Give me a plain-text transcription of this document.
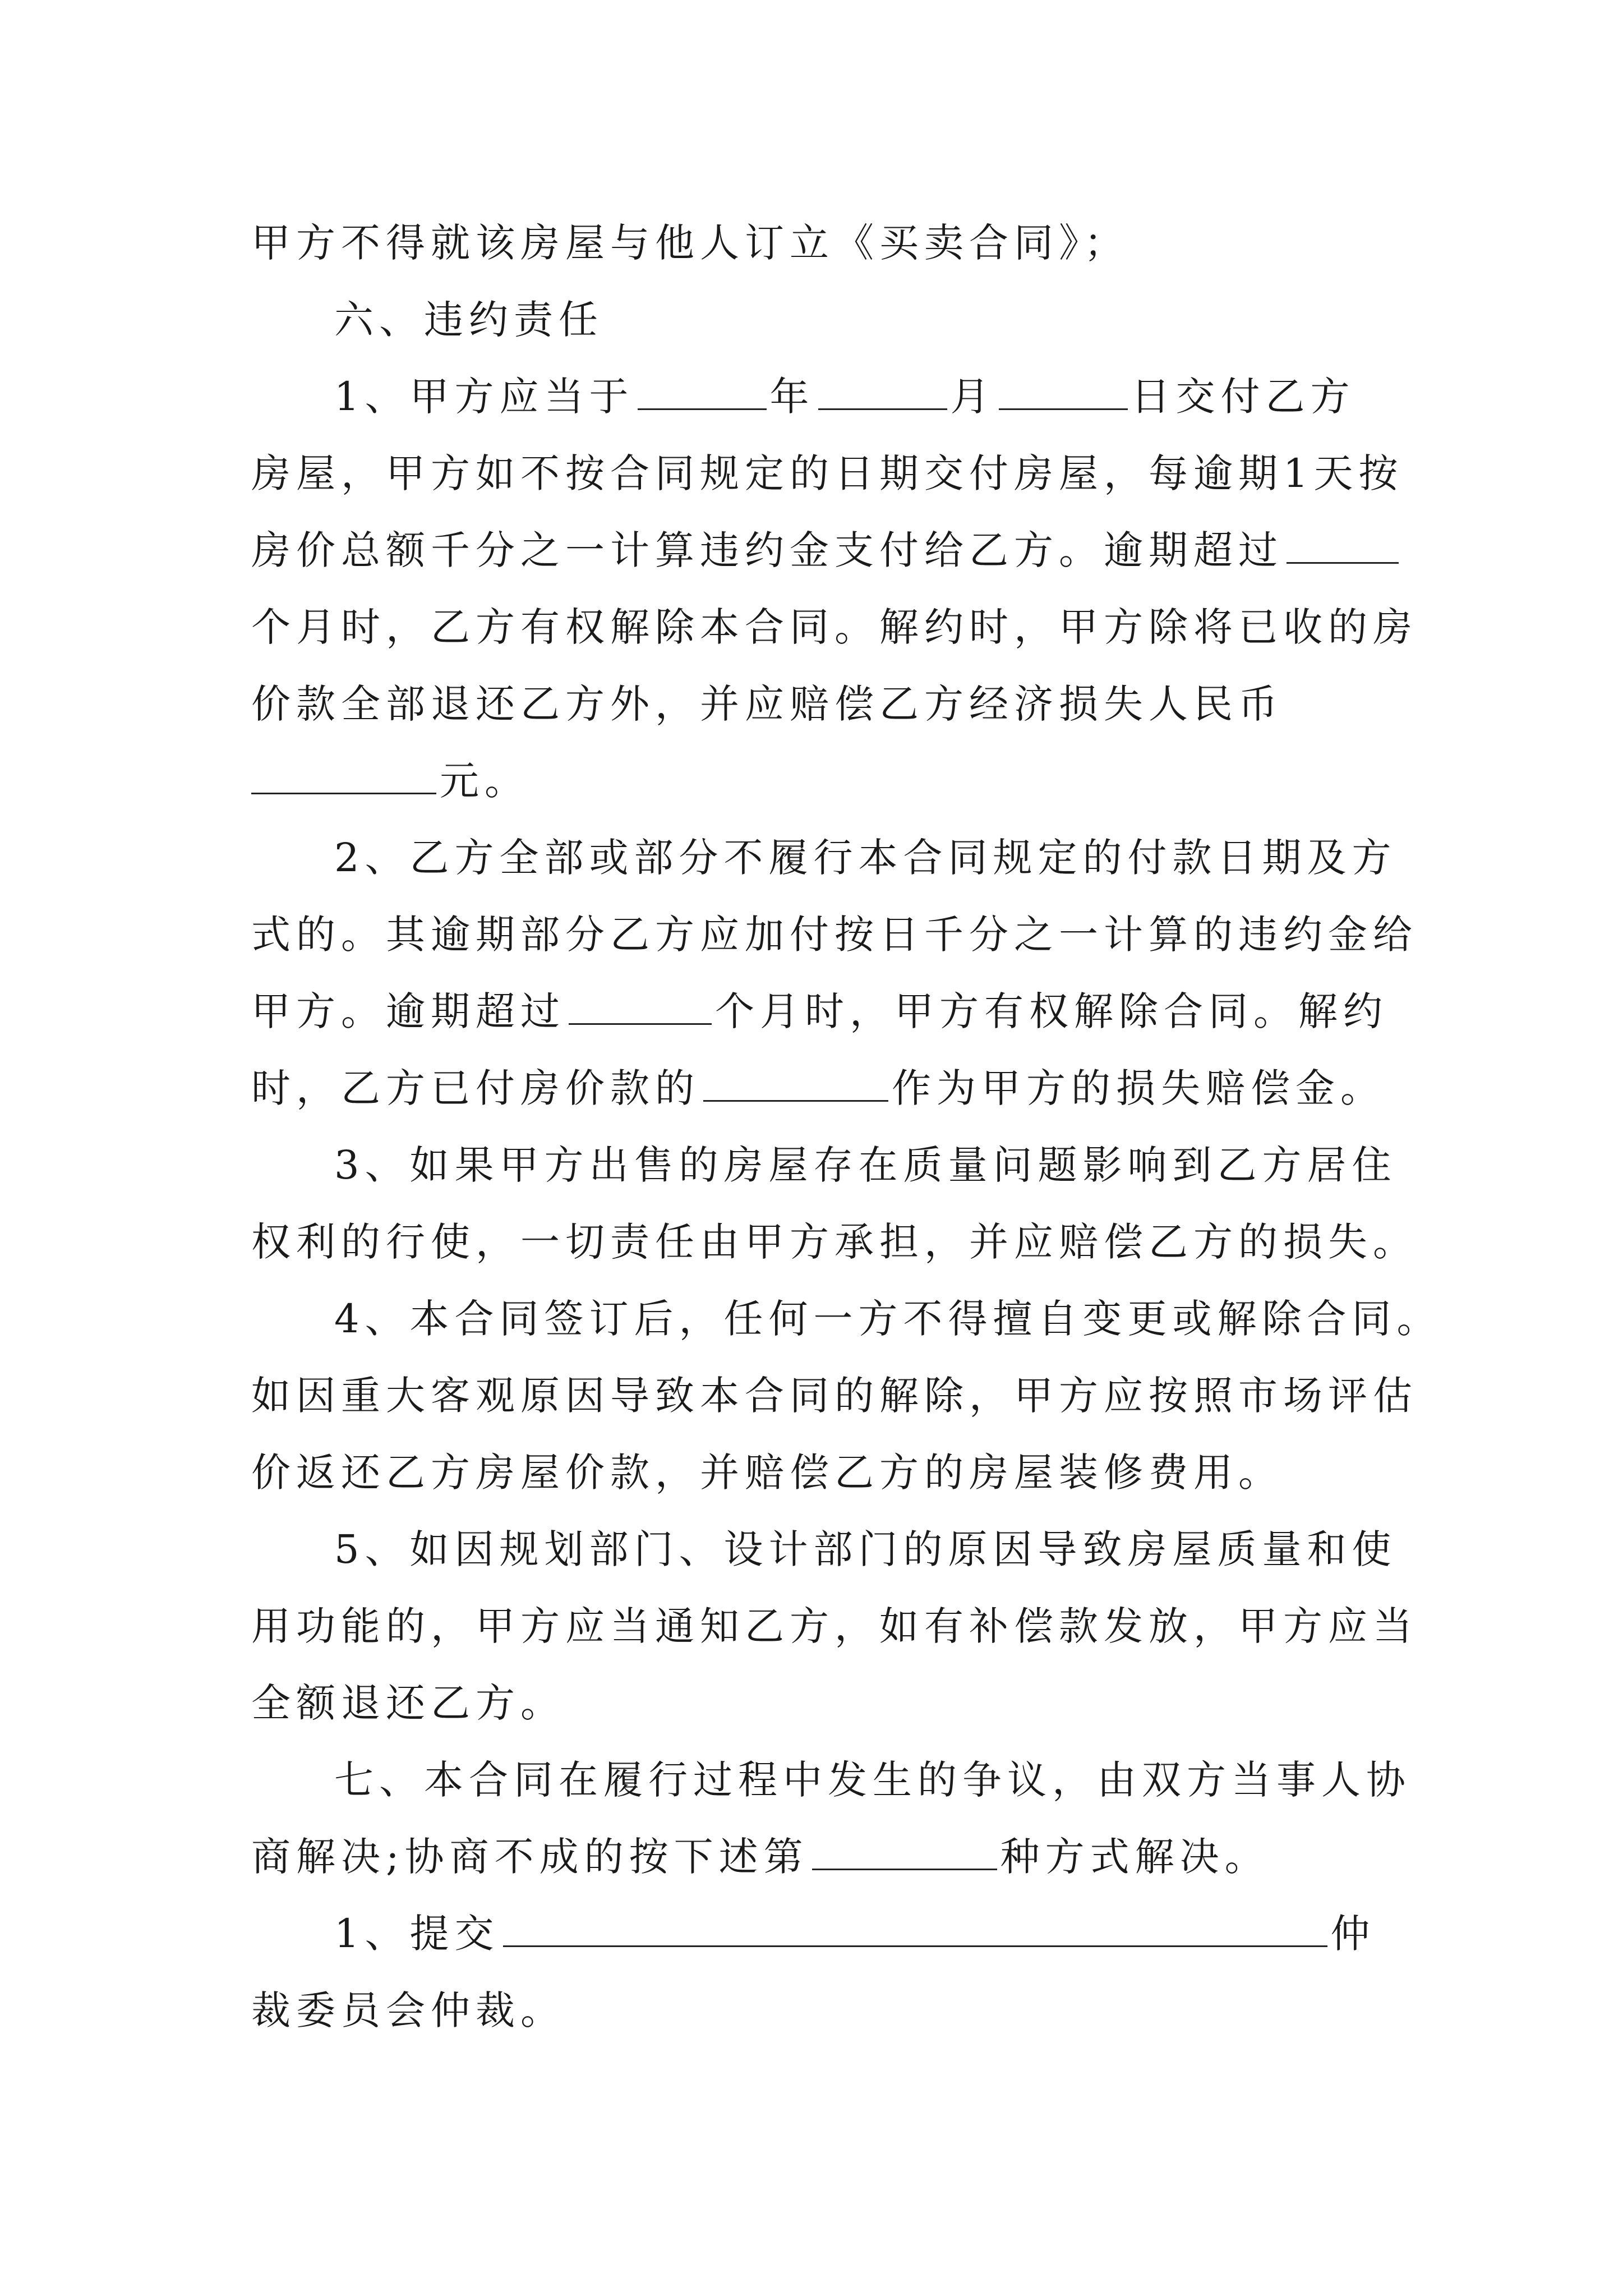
甲方不得就该房屋与他人订立《买卖合同》；
六、违约责任
1、甲方应当于	年	月	日交付乙方
房屋，甲方如不按合同规定的日期交付房屋，每逾期1天按
房价总额千分之一计算违约金支付给乙方。逾期超过
个月时，乙方有权解除本合同。解约时，甲方除将已收的房
价款全部退还乙方外，并应赔偿乙方经济损失人民币
元。
2、乙方全部或部分不履行本合同规定的付款日期及方
式的。其逾期部分乙方应加付按日千分之一计算的违约金给
甲方。逾期超过	个月时，甲方有权解除合同。解约
时，乙方已付房价款的	作为甲方的损失赔偿金。
3、如果甲方出售的房屋存在质量问题影响到乙方居住
权利的行使，一切责任由甲方承担，并应赔偿乙方的损失。
4、本合同签订后，任何一方不得擅自变更或解除合同。
如因重大客观原因导致本合同的解除，甲方应按照市场评估
价返还乙方房屋价款，并赔偿乙方的房屋装修费用。
5、如因规划部门、设计部门的原因导致房屋质量和使
用功能的，甲方应当通知乙方，如有补偿款发放，甲方应当
全额退还乙方。
七、本合同在履行过程中发生的争议，由双方当事人协
商解决;协商不成的按下述第	种方式解决。
1、提交	仲
裁委员会仲裁。
